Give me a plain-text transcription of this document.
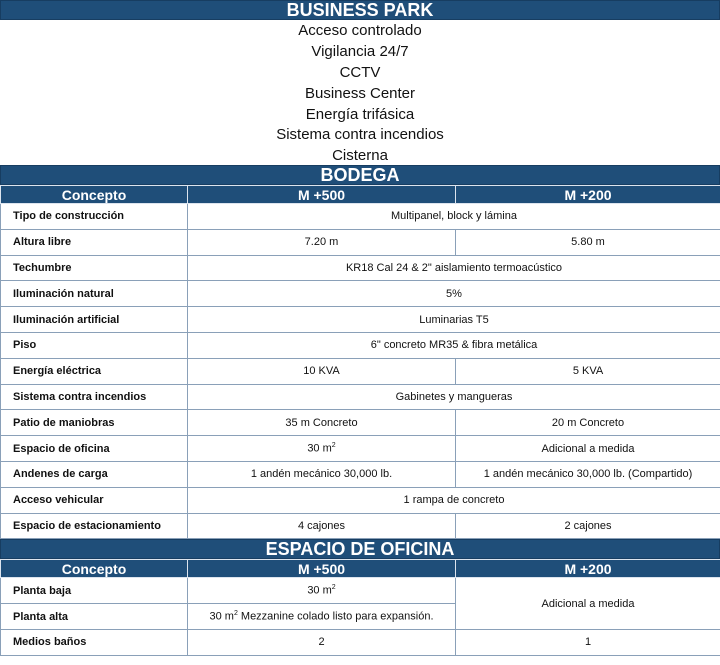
BUSINESS PARK
Acceso controlado
Vigilancia 24/7
CCTV
Business Center
Energía trifásica
Sistema contra incendios
Cisterna
BODEGA
Concepto	M +500	M +200
Tipo de construcción	Multipanel, block y lámina	
Altura libre	7.20 m	5.80 m
Techumbre	KR18 Cal 24 & 2" aislamiento termoacústico	
Iluminación natural	5%	
Iluminación artificial	Luminarias T5	
Piso	6" concreto MR35 & fibra metálica	
Energía eléctrica	10 KVA	5 KVA
Sistema contra incendios	Gabinetes y mangueras	
Patio de maniobras	35 m Concreto	20 m Concreto
Espacio de oficina	30 $m^2$	Adicional a medida
Andenes de carga	1 andén mecánico 30,000 lb.	1 andén mecánico 30,000 lb. (Compartido)
Acceso vehicular	1 rampa de concreto	
Espacio de estacionamiento	4 cajones	2 cajones
ESPACIO DE OFICINA
Concepto	M +500	M +200
Planta baja	30 $m^2$	Adicional a medida
Planta alta	30 $m^2$ Mezzanine colado listo para expansión.	
Medios baños	2	1
